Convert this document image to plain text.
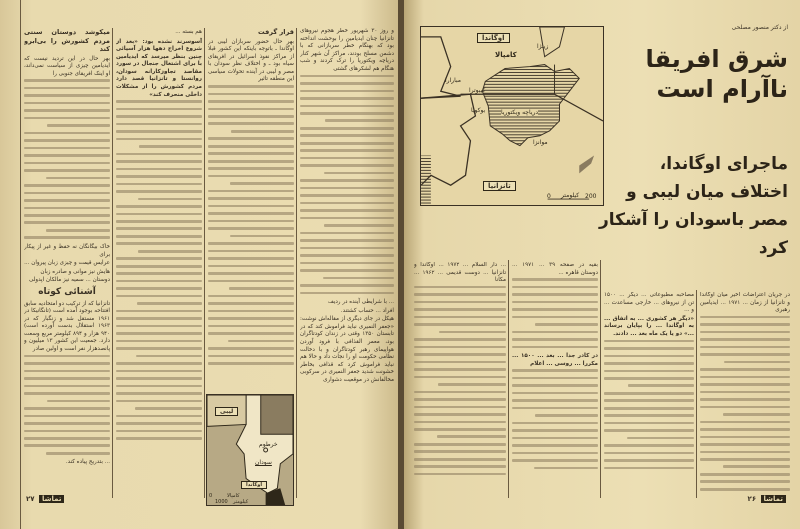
میکوشد دوستان سنتی مردم کشورش را بی‌ابرو کند

بهر حال در این تردید نیست که ایدیامین چیزی از سیاست نمی‌داند، او اینک افریقای جنوبی را

خاک بیگانگان نه حفظ و غیر از پیکار برای

عرایس قیمت و چیزی زبان پیروان ...

هایش نیز موانی و صادره زبان

دوستان ... سمیه نیز مالکان اپدولی

آشنائی کوتاه

تانزانیا که از ترکیب دو امتحادیه سابق افتتاحه بوجود آمده است (تانگانیکا در ۱۹۶۱ مستقل شد و زنگبار که در ۱۹۶۳ استقلال بدست آورده است) ۹۴۰ هزار و ۸۹۴ کیلومتر مربع وسعت دارد. جمعیت این کشور ۱۳ میلیون و پانصدهزار نفر است و اولین صادر

... بتدریج پیاده کند.

هم بسته ...

آسوسرند نشده بود: «بعد از شروع اخراج دهها هزار آسیائی چنین بنظر میرسد که ایدیامین با برای اشتغال جنجال در سورد مقاصد تجاوزکارانه سودان، روانستا و تانزانیا قصد دارد مردم کشورش را از مشکلات داخلی منحرف کند»

قرار گرفت

بهر حال حضور سربازان لیبی در اوگاندا ـ باتوجه باینکه این کشور قبلا از مراکز نفوذ اسرائیل در افریقای سیاه بود ـ و اختلاف نظر سودان با مصر و لیبی در آینده تحولات سیاسی این منطقه تاثیر

و روز ۳۰ شهریور خطر هجوم نیروهای تانزانیا چنان ایدیامین را بوحشت انداخته بود که بهنگام خطر سربازانی که با دشمن مسلح بودند، مراکز آن شهر کنار دریاچه ویکتوریا را ترک کردند و شب هنگام هم لشکرهای گشتی

... با شرایطی آینده در ردیف

افراد ... حساب کشتند.

هیکل در جای دیگری از مقاله‌اش نوشت: «جعفر النمیری نباید فراموش کند که در تابستان ۱۳۵۰ وقتی در زندان کودتاگران بود، معمر القذافی با فرود آوردن هواپیمای رهبر کودتاگران و با دخالت نظامی حکومت او را نجات داد و حالا هم نباید فراموش کرد که قذافی بخاطر خشونت شدید جعفر النمیری در سرکوبی مخالفانش در موقعیت دشواری

لیبی
خرطوم
سودان
اوگاندا
کامپالا
0
1000 کیلومتر
تماشا ۲۷
اوگاندا
تانزانیا
کامپالا
زینژا
مبارارا
کیبوترا
بوکوبا
موانزا
دریاچه ویکتوریا
0 کیلومتر 200
از دکتر منصور مصلحی
شرق افریقا ناآرام است
ماجرای اوگاندا، اختلاف میان لیبی و مصر باسودان را آشکار کرد

... دار السلام ... ۱۹۷۲ ... اوگاندا و تانزانیا ... دوست قدیمی ... ۱۹۶۲ ... مکانا

بقیه در صفحه ۳۹ ... ۱۹۷۱ ... دوستان قاهره ...

در کادر جدا ... بعد ... ۱۵۰۰ ... مکررا ... روسی ... اعلام

مصاحبه مطبوعاتی ... دیگر ... ۱۵۰۰ تن از نیروهای ... خارجی مساعدت ... و ...

«دیگر هر کشوری ... به اتفاق ... به اوگاندا ... را بپایان برساند ...» دو یا یک ماه بعد ... دادند.

در جریان اعتراضات اخیر میان اوگاندا و تانزانیا از زمان ... ۱۹۷۱ ... ایدیامین رهبری

تماشا ۲۶
